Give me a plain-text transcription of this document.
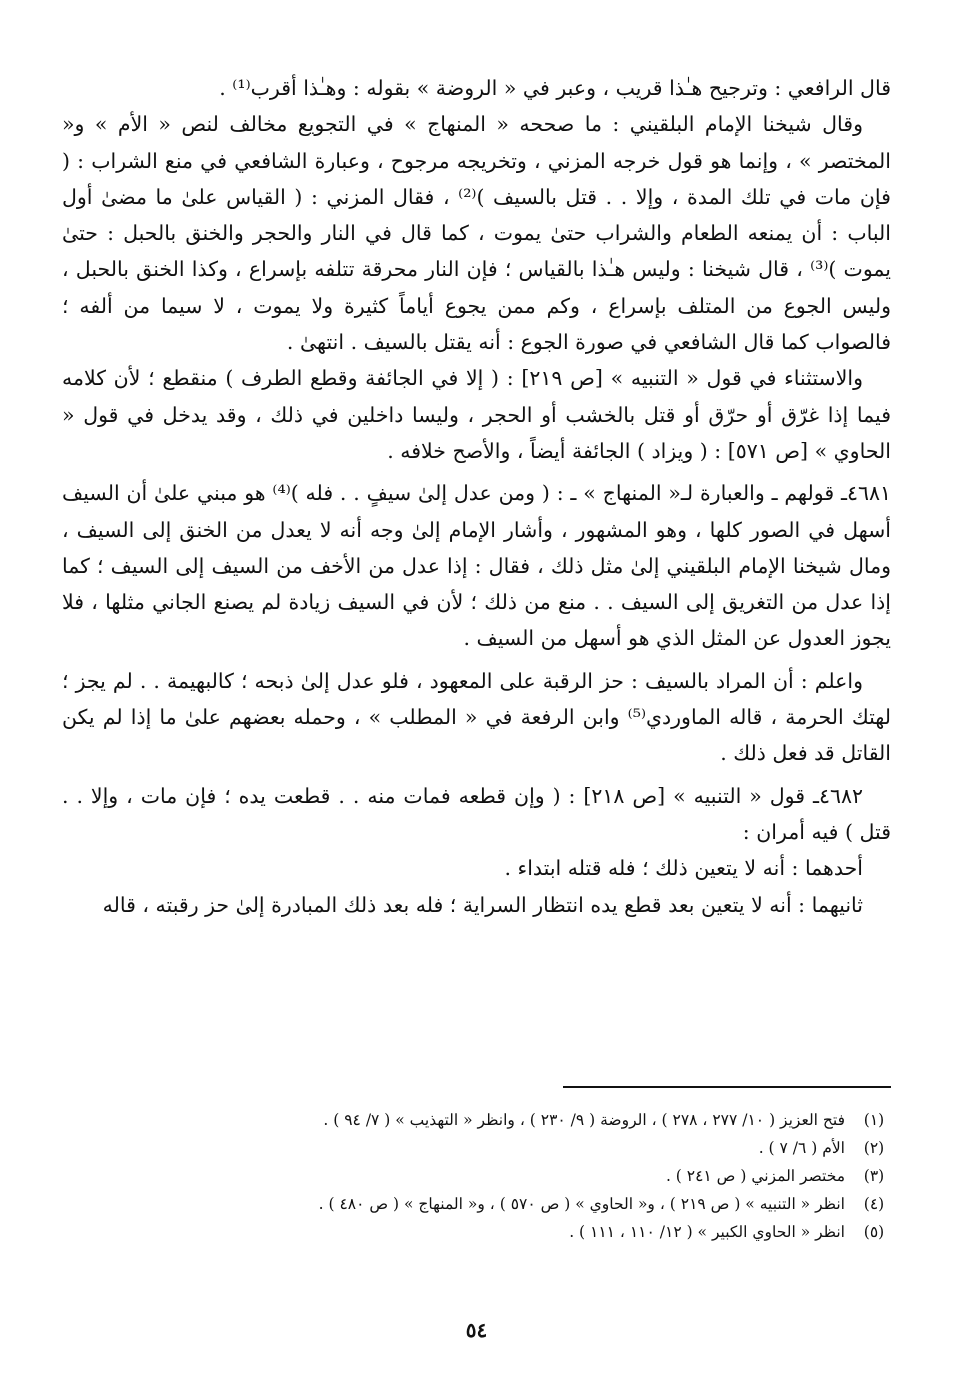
قال الرافعي : وترجيح هـٰذا قريب ، وعبر في « الروضة » بقوله : وهـٰذا أقرب⁽¹⁾ .

وقال شيخنا الإمام البلقيني : ما صححه « المنهاج » في التجويع مخالف لنص « الأم » و« المختصر » ، وإنما هو قول خرجه المزني ، وتخريجه مرجوح ، وعبارة الشافعي في منع الشراب : ( فإن مات في تلك المدة ، وإلا . . قتل بالسيف )⁽²⁾ ، فقال المزني : ( القياس علىٰ ما مضىٰ أول الباب : أن يمنعه الطعام والشراب حتىٰ يموت ، كما قال في النار والحجر والخنق بالحبل : حتىٰ يموت )⁽³⁾ ، قال شيخنا : وليس هـٰذا بالقياس ؛ فإن النار محرقة تتلفه بإسراع ، وكذا الخنق بالحبل ، وليس الجوع من المتلف بإسراع ، وكم ممن يجوع أياماً كثيرة ولا يموت ، لا سيما من ألفه ؛ فالصواب كما قال الشافعي في صورة الجوع : أنه يقتل بالسيف . انتهىٰ .

والاستثناء في قول « التنبيه » [ص ٢١٩] : ( إلا في الجائفة وقطع الطرف ) منقطع ؛ لأن كلامه فيما إذا غرّق أو حرّق أو قتل بالخشب أو الحجر ، وليسا داخلين في ذلك ، وقد يدخل في قول « الحاوي » [ص ٥٧١] : ( ويزاد ) الجائفة أيضاً ، والأصح خلافه .

٤٦٨١ـ قولهم ـ والعبارة لـ« المنهاج » ـ : ( ومن عدل إلىٰ سيفٍ . . فله )⁽⁴⁾ هو مبني علىٰ أن السيف أسهل في الصور كلها ، وهو المشهور ، وأشار الإمام إلىٰ وجه أنه لا يعدل من الخنق إلى السيف ، ومال شيخنا الإمام البلقيني إلىٰ مثل ذلك ، فقال : إذا عدل من الأخف من السيف إلى السيف ؛ كما إذا عدل من التغريق إلى السيف . . منع من ذلك ؛ لأن في السيف زيادة لم يصنع الجاني مثلها ، فلا يجوز العدول عن المثل الذي هو أسهل من السيف .

واعلم : أن المراد بالسيف : حز الرقبة على المعهود ، فلو عدل إلىٰ ذبحه ؛ كالبهيمة . . لم يجز ؛ لهتك الحرمة ، قاله الماوردي⁽⁵⁾ وابن الرفعة في « المطلب » ، وحمله بعضهم علىٰ ما إذا لم يكن القاتل قد فعل ذلك .

٤٦٨٢ـ قول « التنبيه » [ص ٢١٨] : ( وإن قطعه فمات منه . . قطعت يده ؛ فإن مات ، وإلا . . قتل ) فيه أمران :

أحدهما : أنه لا يتعين ذلك ؛ فله قتله ابتداء .

ثانيهما : أنه لا يتعين بعد قطع يده انتظار السراية ؛ فله بعد ذلك المبادرة إلىٰ حز رقبته ، قاله

(١)
فتح العزيز ( ١٠/ ٢٧٧ ، ٢٧٨ ) ، الروضة ( ٩/ ٢٣٠ ) ، وانظر « التهذيب » ( ٧/ ٩٤ ) .
(٢)
الأم ( ٦/ ٧ ) .
(٣)
مختصر المزني ( ص ٢٤١ ) .
(٤)
انظر « التنبيه » ( ص ٢١٩ ) ، و« الحاوي » ( ص ٥٧٠ ) ، و« المنهاج » ( ص ٤٨٠ ) .
(٥)
انظر « الحاوي الكبير » ( ١٢/ ١١٠ ، ١١١ ) .
٥٤
